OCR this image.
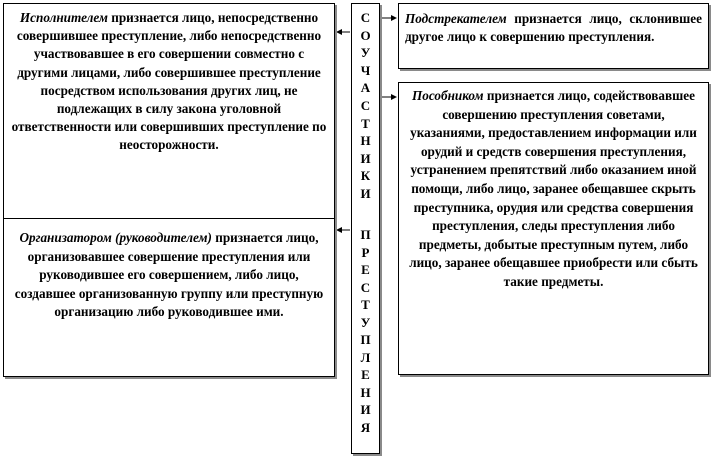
Исполнителем признается лицо, непосредственно совершившее преступление, либо непосредственно участвовавшее в его совершении совместно с другими лицами, либо совершившее преступление посредством использования других лиц, не подлежащих в силу закона уголовной ответственности или совершивших преступление по неосторожности.

Организатором (руководителем) признается лицо, организовавшее совершение преступления или руководившее его совершением, либо лицо, создавшее организованную группу или преступную организацию либо руководившее ими.

С
О
У
Ч
А
С
Т
Н
И
К
И
П
Р
Е
С
Т
У
П
Л
Е
Н
И
Я

Подстрекателем признается лицо, склонившее другое лицо к совершению преступления.

Пособником признается лицо, содействовавшее совершению преступления советами, указаниями, предоставлением информации или орудий и средств совершения преступления, устранением препятствий либо оказанием иной помощи, либо лицо, заранее обещавшее скрыть преступника, орудия или средства совершения преступления, следы преступления либо предметы, добытые преступным путем, либо лицо, заранее обещавшее приобрести или сбыть такие предметы.
